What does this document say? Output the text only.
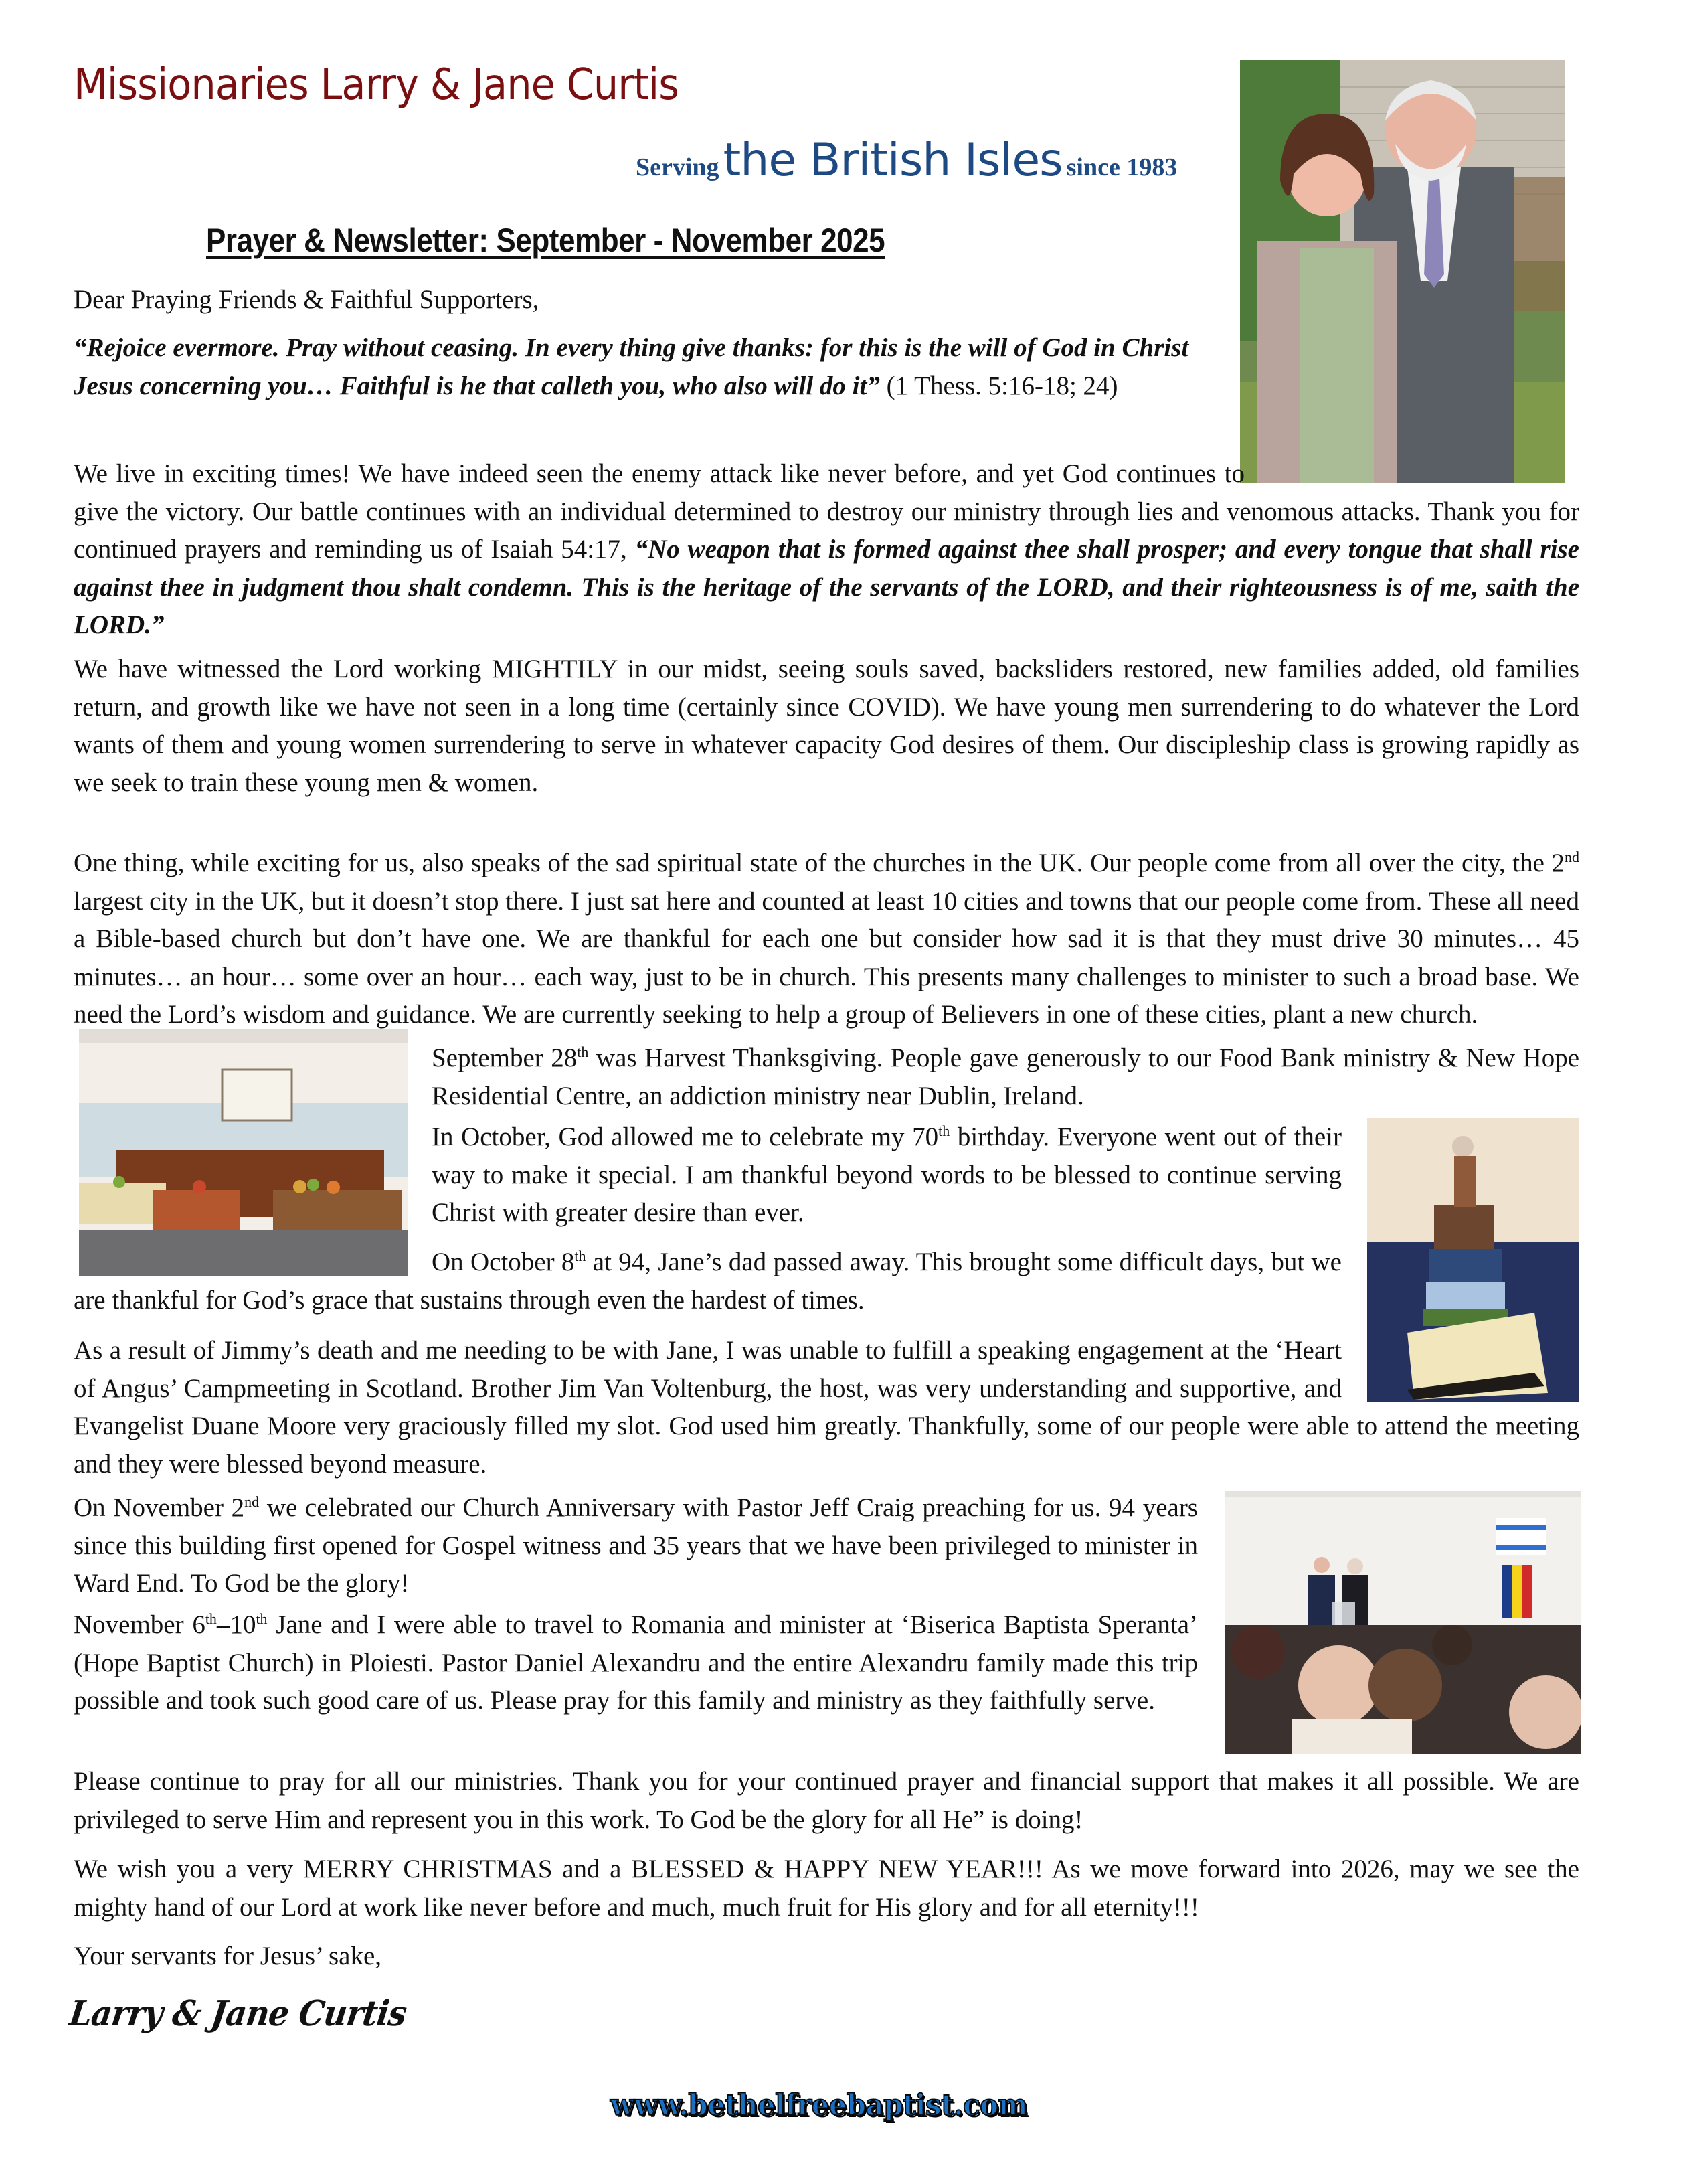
Missionaries Larry & Jane Curtis
Servingthe British Isles since 1983
Prayer & Newsletter: September - November 2025

Dear Praying Friends & Faithful Supporters,

“Rejoice evermore. Pray without ceasing. In every thing give thanks: for this is the will of God in Christ Jesus concerning you… Faithful is he that calleth you, who also will do it” (1 Thess. 5:16-18; 24)

We live in exciting times! We have indeed seen the enemy attack like never before, and yet God continues to give the victory. Our battle continues with an individual determined to destroy our ministry through lies and venomous attacks. Thank you for continued prayers and reminding us of Isaiah 54:17, “No weapon that is formed against thee shall prosper; and every tongue that shall rise against thee in judgment thou shalt condemn. This is the heritage of the servants of the LORD, and their righteousness is of me, saith the LORD.”

We have witnessed the Lord working MIGHTILY in our midst, seeing souls saved, backsliders restored, new families added, old families return, and growth like we have not seen in a long time (certainly since COVID). We have young men surrendering to do whatever the Lord wants of them and young women surrendering to serve in whatever capacity God desires of them. Our discipleship class is growing rapidly as we seek to train these young men & women.

One thing, while exciting for us, also speaks of the sad spiritual state of the churches in the UK. Our people come from all over the city, the 2nd largest city in the UK, but it doesn’t stop there. I just sat here and counted at least 10 cities and towns that our people come from. These all need a Bible-based church but don’t have one. We are thankful for each one but consider how sad it is that they must drive 30 minutes… 45 minutes… an hour… some over an hour… each way, just to be in church. This presents many challenges to minister to such a broad base. We need the Lord’s wisdom and guidance. We are currently seeking to help a group of Believers in one of these cities, plant a new church.

September 28th was Harvest Thanksgiving. People gave generously to our Food Bank ministry & New Hope Residential Centre, an addiction ministry near Dublin, Ireland.

In October, God allowed me to celebrate my 70th birthday. Everyone went out of their way to make it special. I am thankful beyond words to be blessed to continue serving Christ with greater desire than ever.

On October 8th at 94, Jane’s dad passed away. This brought some difficult days, but we are thankful for God’s grace that sustains through even the hardest of times.

As a result of Jimmy’s death and me needing to be with Jane, I was unable to fulfill a speaking engagement at the ‘Heart of Angus’ Campmeeting in Scotland. Brother Jim Van Voltenburg, the host, was very understanding and supportive, and Evangelist Duane Moore very graciously filled my slot. God used him greatly. Thankfully, some of our people were able to attend the meeting and they were blessed beyond measure.

On November 2nd we celebrated our Church Anniversary with Pastor Jeff Craig preaching for us. 94 years since this building first opened for Gospel witness and 35 years that we have been privileged to minister in Ward End. To God be the glory!

November 6th–10th Jane and I were able to travel to Romania and minister at ‘Biserica Baptista Speranta’ (Hope Baptist Church) in Ploiesti. Pastor Daniel Alexandru and the entire Alexandru family made this trip possible and took such good care of us. Please pray for this family and ministry as they faithfully serve.

Please continue to pray for all our ministries. Thank you for your continued prayer and financial support that makes it all possible. We are privileged to serve Him and represent you in this work. To God be the glory for all He” is doing!

We wish you a very MERRY CHRISTMAS and a BLESSED & HAPPY NEW YEAR!!! As we move forward into 2026, may we see the mighty hand of our Lord at work like never before and much, much fruit for His glory and for all eternity!!!

Your servants for Jesus’ sake,

Larry & Jane Curtis
www.bethelfreebaptist.com
